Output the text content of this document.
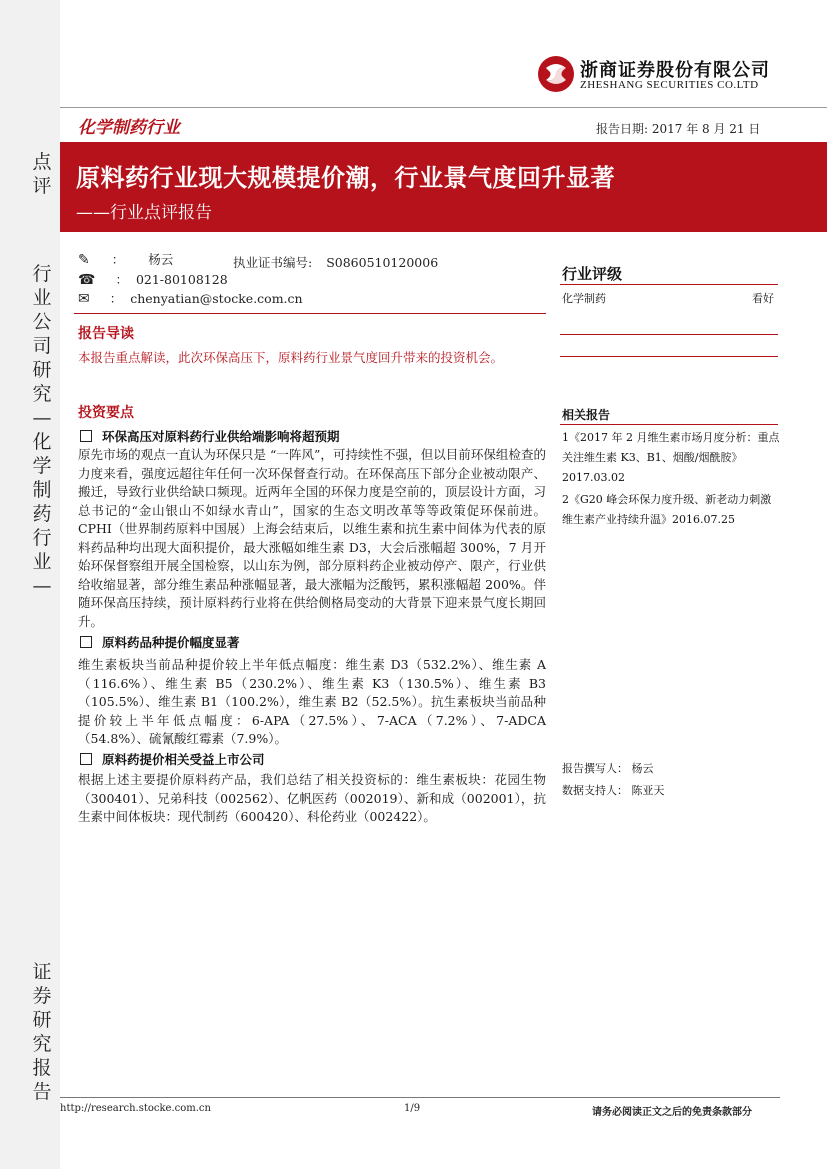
点
评
行
业
公
司
研
究
—
化
学
制
药
行
业
—
证
券
研
究
报
告
浙商证券股份有限公司
ZHESHANG SECURITIES CO.LTD
化学制药行业	报告日期: 2017 年 8 月 21 日
原料药行业现大规模提价潮，行业景气度回升显著
——行业点评报告
✎ ： 杨云	执业证书编号: S0860510120006
☎ ： 021-80108128
✉ ： chenyatian@stocke.com.cn
报告导读
本报告重点解读，此次环保高压下，原料药行业景气度回升带来的投资机会。
投资要点
环保高压对原料药行业供给端影响将超预期
原先市场的观点一直认为环保只是 “一阵风”，可持续性不强，但以目前环保组检查的力度来看，强度远超往年任何一次环保督查行动。在环保高压下部分企业被动限产、搬迁，导致行业供给缺口频现。近两年全国的环保力度是空前的，顶层设计方面，习总书记的“金山银山不如绿水青山”，国家的生态文明改革等等政策促环保前进。CPHI（世界制药原料中国展）上海会结束后，以维生素和抗生素中间体为代表的原料药品种均出现大面积提价，最大涨幅如维生素 D3，大会后涨幅超 300%，7 月开始环保督察组开展全国检察，以山东为例，部分原料药企业被动停产、限产，行业供给收缩显著，部分维生素品种涨幅显著，最大涨幅为泛酸钙，累积涨幅超 200%。伴随环保高压持续，预计原料药行业将在供给侧格局变动的大背景下迎来景气度长期回升。
原料药品种提价幅度显著
维生素板块当前品种提价较上半年低点幅度：维生素 D3（532.2%）、维生素 A（116.6%）、维生素 B5（230.2%）、维生素 K3（130.5%）、维生素 B3（105.5%）、维生素 B1（100.2%），维生素 B2（52.5%）。抗生素板块当前品种提价较上半年低点幅度：6-APA（27.5%）、7-ACA（7.2%）、7-ADCA（54.8%）、硫氰酸红霉素（7.9%）。
原料药提价相关受益上市公司
根据上述主要提价原料药产品，我们总结了相关投资标的：维生素板块：花园生物（300401）、兄弟科技（002562）、亿帆医药（002019）、新和成（002001），抗生素中间体板块：现代制药（600420）、科伦药业（002422）。
行业评级
化学制药	看好
相关报告
1《2017 年 2 月维生素市场月度分析：重点关注维生素 K3、B1、烟酸/烟酰胺》2017.03.02
2《G20 峰会环保力度升级、新老动力刺激维生素产业持续升温》2016.07.25
报告撰写人： 杨云
数据支持人： 陈亚天
http://research.stocke.com.cn	1/9	请务必阅读正文之后的免责条款部分
